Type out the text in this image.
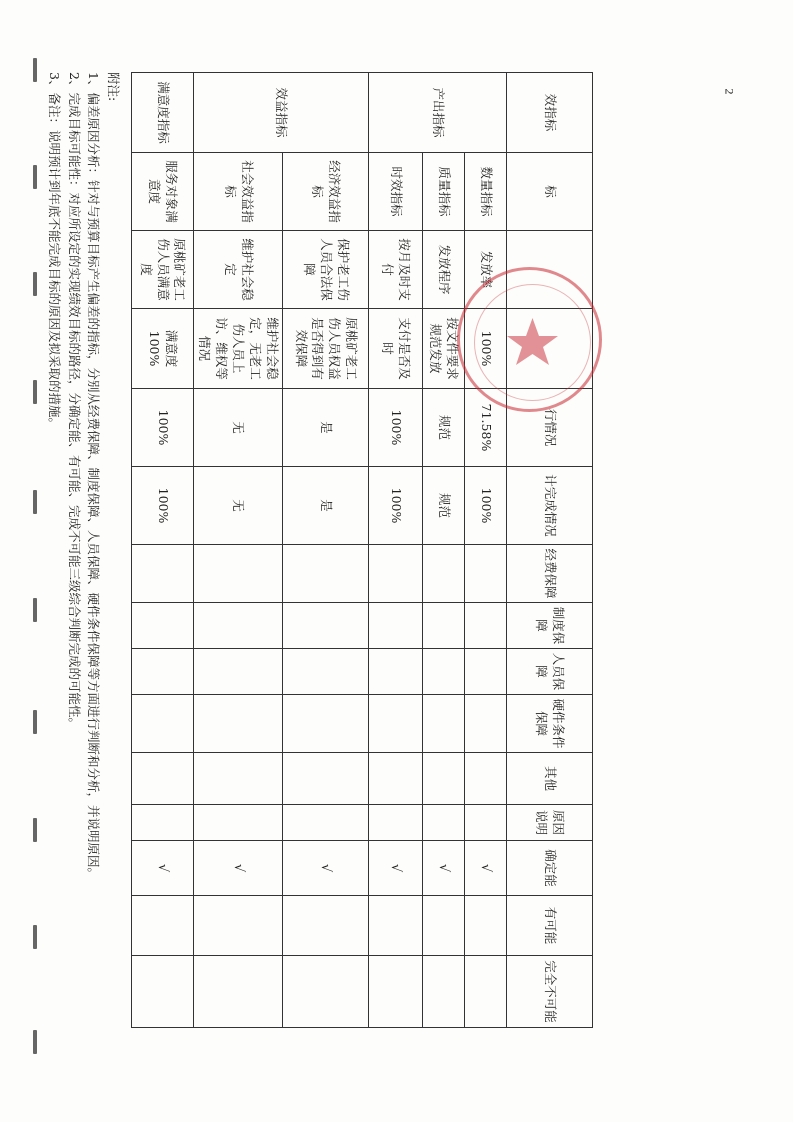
2
效指标	标			行情况	计完成情况	经费保障	制度保障	人员保障	硬件条件保障	其他	原因说明	确定能	有可能	完全不可能
产出指标	数量指标	发放率	100%	71.58%	100%							√		
	质量指标	发放程序	按文件要求规范发放	规范	规范							√		
	时效指标	按月及时支付	支付是否及时	100%	100%							√		
效益指标	经济效益指标	保护老工伤人员合法保障	原桃矿老工伤人员权益是否得到有效保障	是	是							√		
	社会效益指标	维护社会稳定	维护社会稳定，无老工伤人员上访、维权等情况	无	无							√		
满意度指标	服务对象满意度	原桃矿老工伤人员满意度	满意度 100%	100%	100%							√		
附注:
1、偏差原因分析：针对与预算目标产生偏差的指标，分别从经费保障、制度保障、人员保障、硬件条件保障等方面进行判断和分析，并说明原因。
2、完成目标可能性：对应所设定的实现绩效目标的路径，分确定能、有可能、完成不可能三级综合判断完成的可能性。
3、备注：说明预计到年底不能完成目标的原因及拟采取的措施。
